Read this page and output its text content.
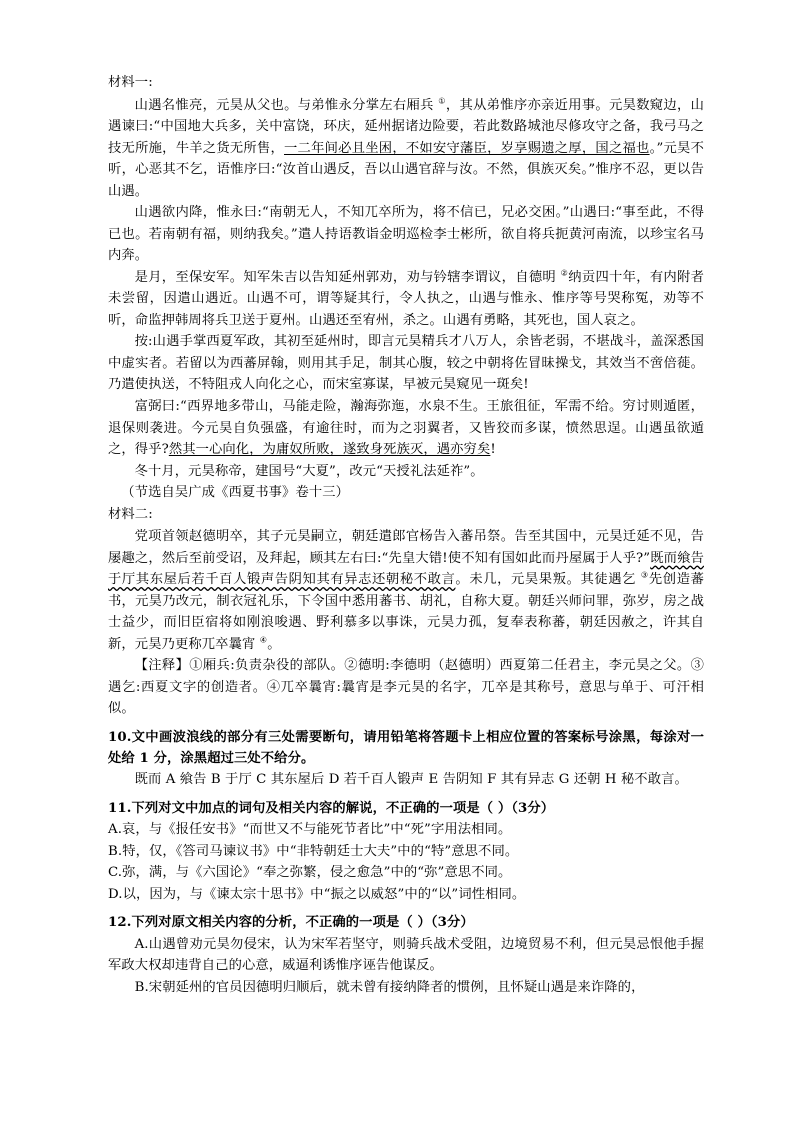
材料一:

山遇名惟亮，元昊从父也。与弟惟永分掌左右厢兵 ①，其从弟惟序亦亲近用事。元昊数窥边，山遇谏曰:“中国地大兵多，关中富饶，环庆，延州据诸边险要，若此数路城池尽修攻守之备，我弓马之技无所施，牛羊之货无所售，一二年间必且坐困，不如安守藩臣，岁享赐遗之厚，国之福也。”元昊不听，心恶其不乞，语惟序曰:“汝首山遇反，吾以山遇官辞与汝。不然，俱族灭矣。”惟序不忍，更以告山遇。

山遇欲内降，惟永曰:“南朝无人，不知兀卒所为，将不信已，兄必交困。”山遇曰:“事至此，不得已也。若南朝有福，则纳我矣。”遣人持语教诣金明巡检李士彬所，欲自将兵扼黄河南流，以珍宝名马内奔。

是月，至保安军。知军朱吉以告知延州郭劝，劝与钤辖李谓议，自德明 ②纳贡四十年，有内附者未尝留，因遣山遇近。山遇不可，谓等疑其行，令人执之，山遇与惟永、惟序等号哭称冤，劝等不听，命监押韩周将兵卫送于夏州。山遇还至宥州，杀之。山遇有勇略，其死也，国人哀之。

按:山遇手掌西夏军政，其初至延州时，即言元昊精兵才八万人，余皆老弱，不堪战斗，盖深悉国中虚实者。若留以为西蕃屏翰，则用其手足，制其心腹，较之中朝将佐冒昧操戈，其效当不啻倍蓰。乃遣使执送，不特阻戎人向化之心，而宋室寡谋，早被元昊窥见一斑矣!

富弼曰:“西界地多带山，马能走险，瀚海弥迤，水泉不生。王旅徂征，军需不给。穷讨则遁匿，退保则袭进。今元昊自负强盛，有逾往时，而为之羽翼者，又皆狡而多谋，愤然思逞。山遇虽欲遁之，得乎?然其一心向化，为庸奴所败，遂致身死族灭，遇亦穷矣!

冬十月，元昊称帝，建国号“大夏”，改元“天授礼法延祚”。

（节选自吴广成《西夏书事》卷十三）

材料二:

党项首领赵德明卒，其子元昊嗣立，朝廷遣郎官杨告入蕃吊祭。告至其国中，元昊迁延不见，告屡趣之，然后至前受诏，及拜起，顾其左右曰:“先皇大错!使不知有国如此而丹屋属于人乎?”既而飨告于厅其东屋后若千百人锻声告阴知其有异志还朝秘不敢言。未几，元昊果叛。其徒遇乞 ③先创造蕃书，元昊乃改元，制衣冠礼乐，下令国中悉用蕃书、胡礼，自称大夏。朝廷兴师问罪，弥岁，房之战士益少，而旧臣宿将如刚浪唆遇、野利慕多以事诛，元昊力孤，复奉表称蕃，朝廷因赦之，许其自新，元昊乃更称兀卒曩宵 ④。

【注释】①厢兵:负责杂役的部队。②德明:李德明（赵德明）西夏第二任君主，李元昊之父。③遇乞:西夏文字的创造者。④兀卒曩宵:曩宵是李元昊的名字，兀卒是其称号，意思与单于、可汗相似。

10.文中画波浪线的部分有三处需要断句，请用铅笔将答题卡上相应位置的答案标号涂黑，每涂对一处给 1 分，涂黑超过三处不给分。

既而 A 飨告 B 于厅 C 其东屋后 D 若千百人锻声 E 告阴知 F 其有异志 G 还朝 H 秘不敢言。

11.下列对文中加点的词句及相关内容的解说，不正确的一项是（ ）（3分）

A.哀，与《报任安书》“而世又不与能死节者比”中“死”字用法相同。

B.特，仅，《答司马谏议书》中“非特朝廷士大夫”中的“特”意思不同。

C.弥，满，与《六国论》“奉之弥繁，侵之愈急”中的“弥”意思不同。

D.以，因为，与《谏太宗十思书》中“振之以威怒”中的“以”词性相同。

12.下列对原文相关内容的分析，不正确的一项是（ ）（3分）

A.山遇曾劝元昊勿侵宋，认为宋军若坚守，则骑兵战术受阻，边境贸易不利，但元昊忌恨他手握军政大权却违背自己的心意，威逼利诱惟序诬告他谋反。

B.宋朝延州的官员因德明归顺后，就未曾有接纳降者的惯例，且怀疑山遇是来诈降的，
